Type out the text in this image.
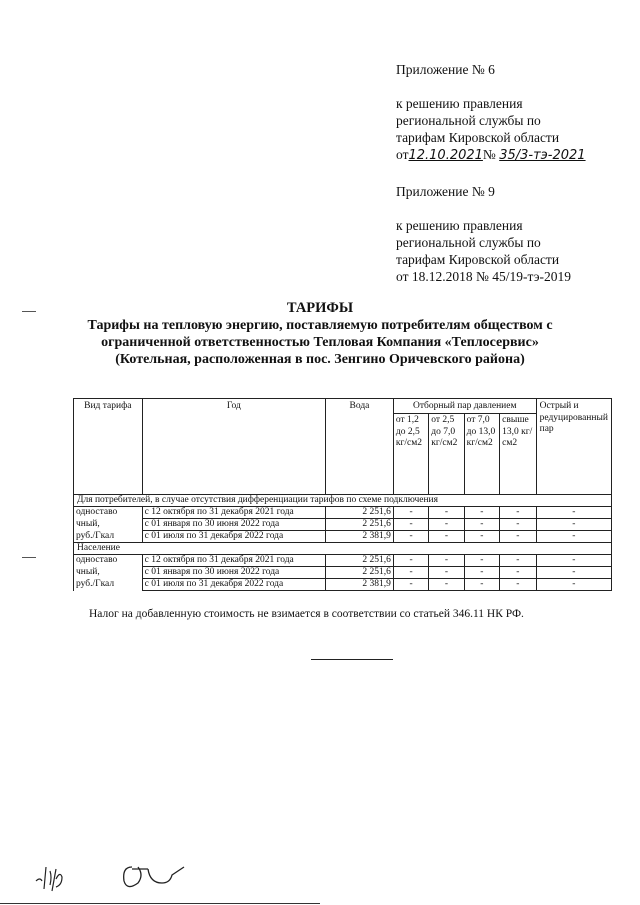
Приложение № 6
к решению правления
региональной службы по
тарифам Кировской области
от12.10.2021№ 35/3-тэ-2021
Приложение № 9
к решению правления
региональной службы по
тарифам Кировской области
от 18.12.2018 № 45/19-тэ-2019
ТАРИФЫ
Тарифы на тепловую энергию, поставляемую потребителям обществом с
ограниченной ответственностью Тепловая Компания «Теплосервис»
(Котельная, расположенная в пос. Зенгино Оричевского района)
Вид тарифа	Год	Вода	Отборный пар давлением				Острый и редуцированный пар
			от 1,2 до 2,5 кг/см2	от 2,5 до 7,0 кг/см2	от 7,0 до 13,0 кг/см2	свыше 13,0 кг/см2	
Для потребителей, в случае отсутствия дифференциации тарифов по схеме подключения							
одноставо	с 12 октября по 31 декабря 2021 года	2 251,6	-	-	-	-	-
чный,	с 01 января по 30 июня 2022 года	2 251,6	-	-	-	-	-
руб./Гкал	с 01 июля по 31 декабря 2022 года	2 381,9	-	-	-	-	-
Население							
одноставо	с 12 октября по 31 декабря 2021 года	2 251,6	-	-	-	-	-
чный,	с 01 января по 30 июня 2022 года	2 251,6	-	-	-	-	-
руб./Гкал	с 01 июля по 31 декабря 2022 года	2 381,9	-	-	-	-	-
Налог на добавленную стоимость не взимается в соответствии со статьей 346.11 НК РФ.
